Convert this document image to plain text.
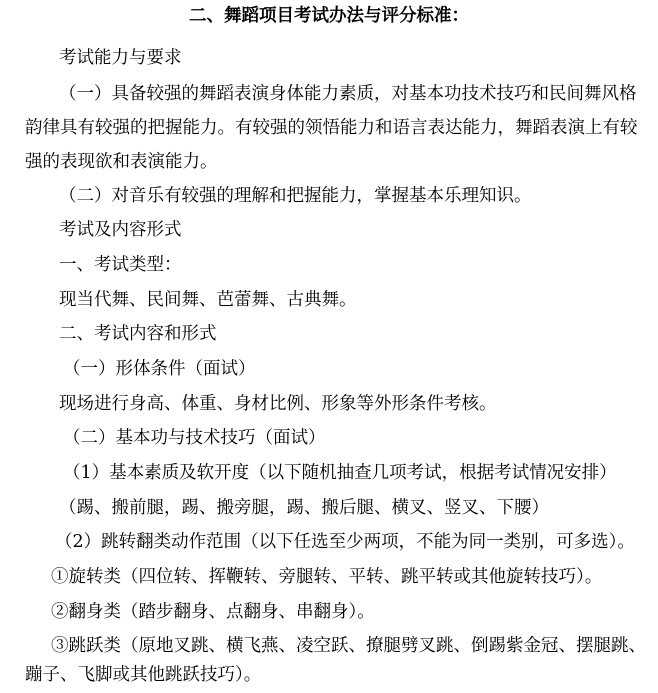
二、舞蹈项目考试办法与评分标准：
考试能力与要求
（一）具备较强的舞蹈表演身体能力素质，对基本功技术技巧和民间舞风格
韵律具有较强的把握能力。有较强的领悟能力和语言表达能力，舞蹈表演上有较
强的表现欲和表演能力。
（二）对音乐有较强的理解和把握能力，掌握基本乐理知识。
考试及内容形式
一、考试类型：
现当代舞、民间舞、芭蕾舞、古典舞。
二、考试内容和形式
（一）形体条件（面试）
现场进行身高、体重、身材比例、形象等外形条件考核。
（二）基本功与技术技巧（面试）
（1）基本素质及软开度（以下随机抽查几项考试，根据考试情况安排）
（踢、搬前腿，踢、搬旁腿，踢、搬后腿、横叉、竖叉、下腰）
（2）跳转翻类动作范围（以下任选至少两项，不能为同一类别，可多选）。
①旋转类（四位转、挥鞭转、旁腿转、平转、跳平转或其他旋转技巧）。
②翻身类（踏步翻身、点翻身、串翻身）。
③跳跃类（原地叉跳、横飞燕、凌空跃、撩腿劈叉跳、倒踢紫金冠、摆腿跳、
蹦子、飞脚或其他跳跃技巧）。
